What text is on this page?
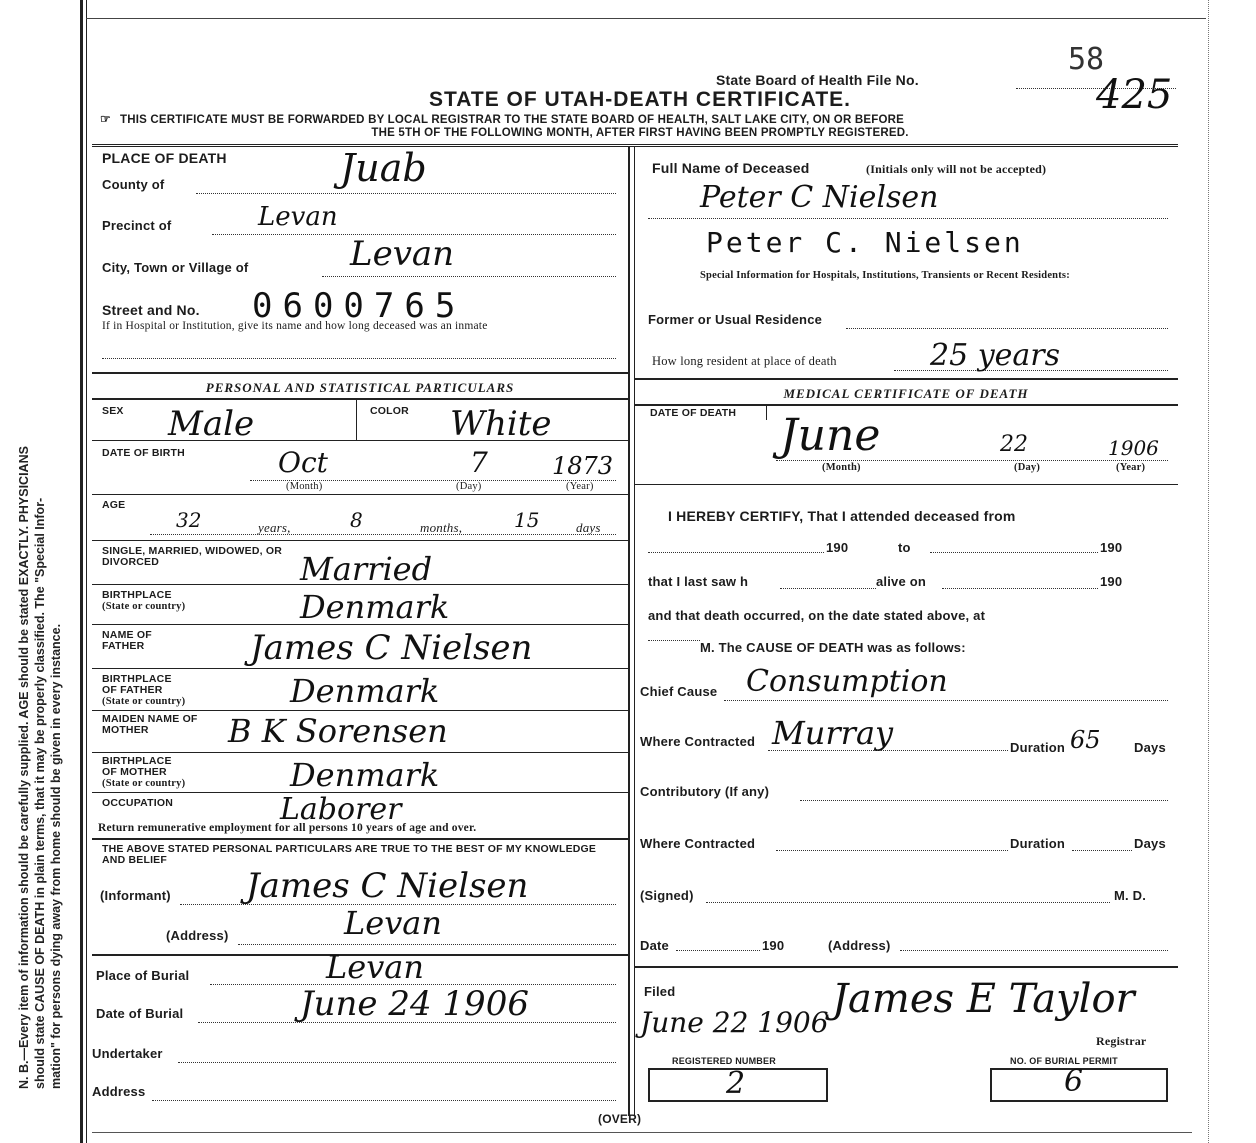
N. B.—Every item of information should be carefully supplied. AGE should be stated EXACTLY. PHYSICIANS should state CAUSE OF DEATH in plain terms, that it may be properly classified. The "Special Infor- mation" for persons dying away from home should be given in every instance.
State Board of Health File No.
58
425
STATE OF UTAH-DEATH CERTIFICATE.
☞ THIS CERTIFICATE MUST BE FORWARDED BY LOCAL REGISTRAR TO THE STATE BOARD OF HEALTH, SALT LAKE CITY, ON OR BEFORE
THE 5TH OF THE FOLLOWING MONTH, AFTER FIRST HAVING BEEN PROMPTLY REGISTERED.
PLACE OF DEATH
County of	Juab
Precinct of	Levan
City, Town or Village of	Levan
Street and No. 0600765
If in Hospital or Institution, give its name and how long deceased was an inmate
PERSONAL AND STATISTICAL PARTICULARS
SEX Male	COLOR White
DATE OF BIRTH	Oct	7	1873
(Month)	(Day)	(Year)
AGE
32	years,	8	months,	15	days
SINGLE, MARRIED, WIDOWED, OR DIVORCED	Married
BIRTHPLACE
(State or country)	Denmark
NAME OF FATHER	James C Nielsen
BIRTHPLACE OF FATHER
(State or country)	Denmark
MAIDEN NAME OF MOTHER	B K Sorensen
BIRTHPLACE OF MOTHER
(State or country)	Denmark
OCCUPATION	Laborer
Return remunerative employment for all persons 10 years of age and over.
THE ABOVE STATED PERSONAL PARTICULARS ARE TRUE TO THE BEST OF MY KNOWLEDGE AND BELIEF
(Informant) James C Nielsen
(Address)	Levan
Place of Burial	Levan
Date of Burial	June 24 1906
Undertaker
Address
(OVER)
Full Name of Deceased	(Initials only will not be accepted)
Peter C Nielsen
Peter C. Nielsen
Special Information for Hospitals, Institutions, Transients or Recent Residents:
Former or Usual Residence
How long resident at place of death	25 years
MEDICAL CERTIFICATE OF DEATH
DATE OF DEATH June	22	1906
(Month)	(Day)	(Year)
I HEREBY CERTIFY, That I attended deceased from
190	to	190
that I last saw h	alive on	190
and that death occurred, on the date stated above, at
M. The CAUSE OF DEATH was as follows:
Chief Cause Consumption
Where Contracted Murray	Duration 65	Days
Contributory (If any)
Where Contracted	Duration	Days
(Signed)	M. D.
Date	190	(Address)
Filed
June 22 1906
James E Taylor
Registrar
REGISTERED NUMBER
2
NO. OF BURIAL PERMIT
6
